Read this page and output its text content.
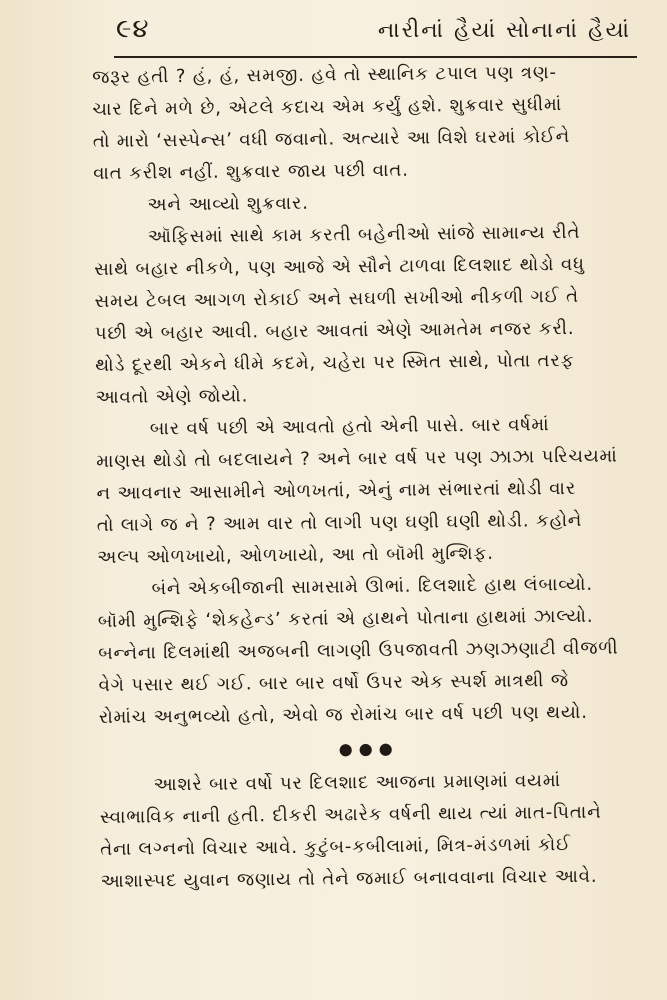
૯૪	નારીનાં હૈયાં સોનાનાં હૈયાં
જરૂર હતી ? હં, હં, સમજી. હવે તો સ્થાનિક ટપાલ પણ ત્રણ-
ચાર દિને મળે છે, એટલે કદાચ એમ કર્યું હશે. શુક્રવાર સુધીમાં
તો મારો ‘સસ્પેન્સ’ વધી જવાનો. અત્યારે આ વિશે ઘરમાં કોઈને
વાત કરીશ નહીં. શુક્રવાર જાય પછી વાત.
અને આવ્યો શુક્રવાર.
ઑફિસમાં સાથે કામ કરતી બહેનીઓ સાંજે સામાન્ય રીતે
સાથે બહાર નીકળે, પણ આજે એ સૌને ટાળવા દિલશાદ થોડો વધુ
સમય ટેબલ આગળ રોકાઈ અને સઘળી સખીઓ નીકળી ગઈ તે
પછી એ બહાર આવી. બહાર આવતાં એણે આમતેમ નજર કરી.
થોડે દૂરથી એકને ધીમે કદમે, ચહેરા પર સ્મિત સાથે, પોતા તરફ
આવતો એણે જોયો.
બાર વર્ષ પછી એ આવતો હતો એની પાસે. બાર વર્ષમાં
માણસ થોડો તો બદલાયને ? અને બાર વર્ષ પર પણ ઝાઝા પરિચયમાં
ન આવનાર આસામીને ઓળખતાં, એનું નામ સંભારતાં થોડી વાર
તો લાગે જ ને ? આમ વાર તો લાગી પણ ઘણી ઘણી થોડી. કહોને
અલ્પ ઓળખાયો, ઓળખાયો, આ તો બૉમી મુન્શિફ.
બંને એકબીજાની સામસામે ઊભાં. દિલશાદે હાથ લંબાવ્યો.
બૉમી મુન્શિફે ‘શેકહેન્ડ’ કરતાં એ હાથને પોતાના હાથમાં ઝાલ્યો.
બન્નેના દિલમાંથી અજબની લાગણી ઉપજાવતી ઝણઝણાટી વીજળી
વેગે પસાર થઈ ગઈ. બાર બાર વર્ષો ઉપર એક સ્પર્શ માત્રથી જે
રોમાંચ અનુભવ્યો હતો, એવો જ રોમાંચ બાર વર્ષ પછી પણ થયો.
●●●
આશરે બાર વર્ષો પર દિલશાદ આજના પ્રમાણમાં વયમાં
સ્વાભાવિક નાની હતી. દીકરી અઢારેક વર્ષની થાય ત્યાં માત-પિતાને
તેના લગ્નનો વિચાર આવે. કુટુંબ-કબીલામાં, મિત્ર-મંડળમાં કોઈ
આશાસ્પદ યુવાન જણાય તો તેને જમાઈ બનાવવાના વિચાર આવે.
